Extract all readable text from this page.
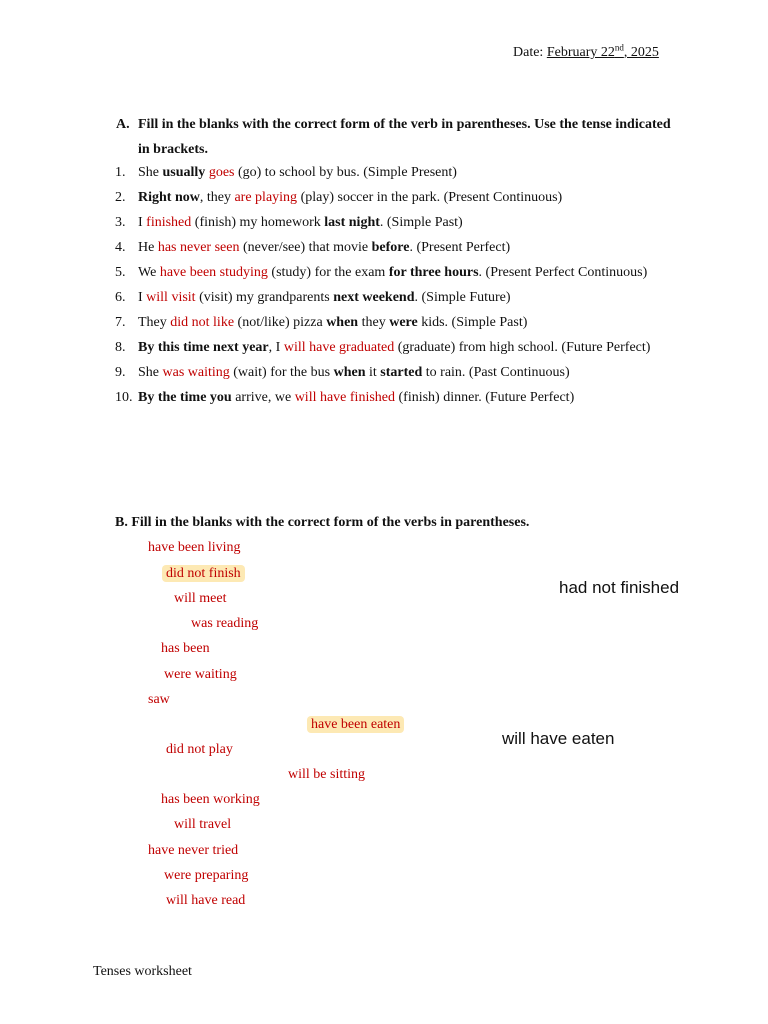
Date: February 22nd, 2025
A. Fill in the blanks with the correct form of the verb in parentheses. Use the tense indicated in brackets.
1. She usually goes (go) to school by bus. (Simple Present)
2. Right now, they are playing (play) soccer in the park. (Present Continuous)
3. I finished (finish) my homework last night. (Simple Past)
4. He has never seen (never/see) that movie before. (Present Perfect)
5. We have been studying (study) for the exam for three hours. (Present Perfect Continuous)
6. I will visit (visit) my grandparents next weekend. (Simple Future)
7. They did not like (not/like) pizza when they were kids. (Simple Past)
8. By this time next year, I will have graduated (graduate) from high school. (Future Perfect)
9. She was waiting (wait) for the bus when it started to rain. (Past Continuous)
10. By the time you arrive, we will have finished (finish) dinner. (Future Perfect)
B. Fill in the blanks with the correct form of the verbs in parentheses.
have been living
did not finish
will meet
was reading
has been
were waiting
saw
have been eaten
did not play
will be sitting
has been working
will travel
have never tried
were preparing
will have read
had not finished
will have eaten
Tenses worksheet
